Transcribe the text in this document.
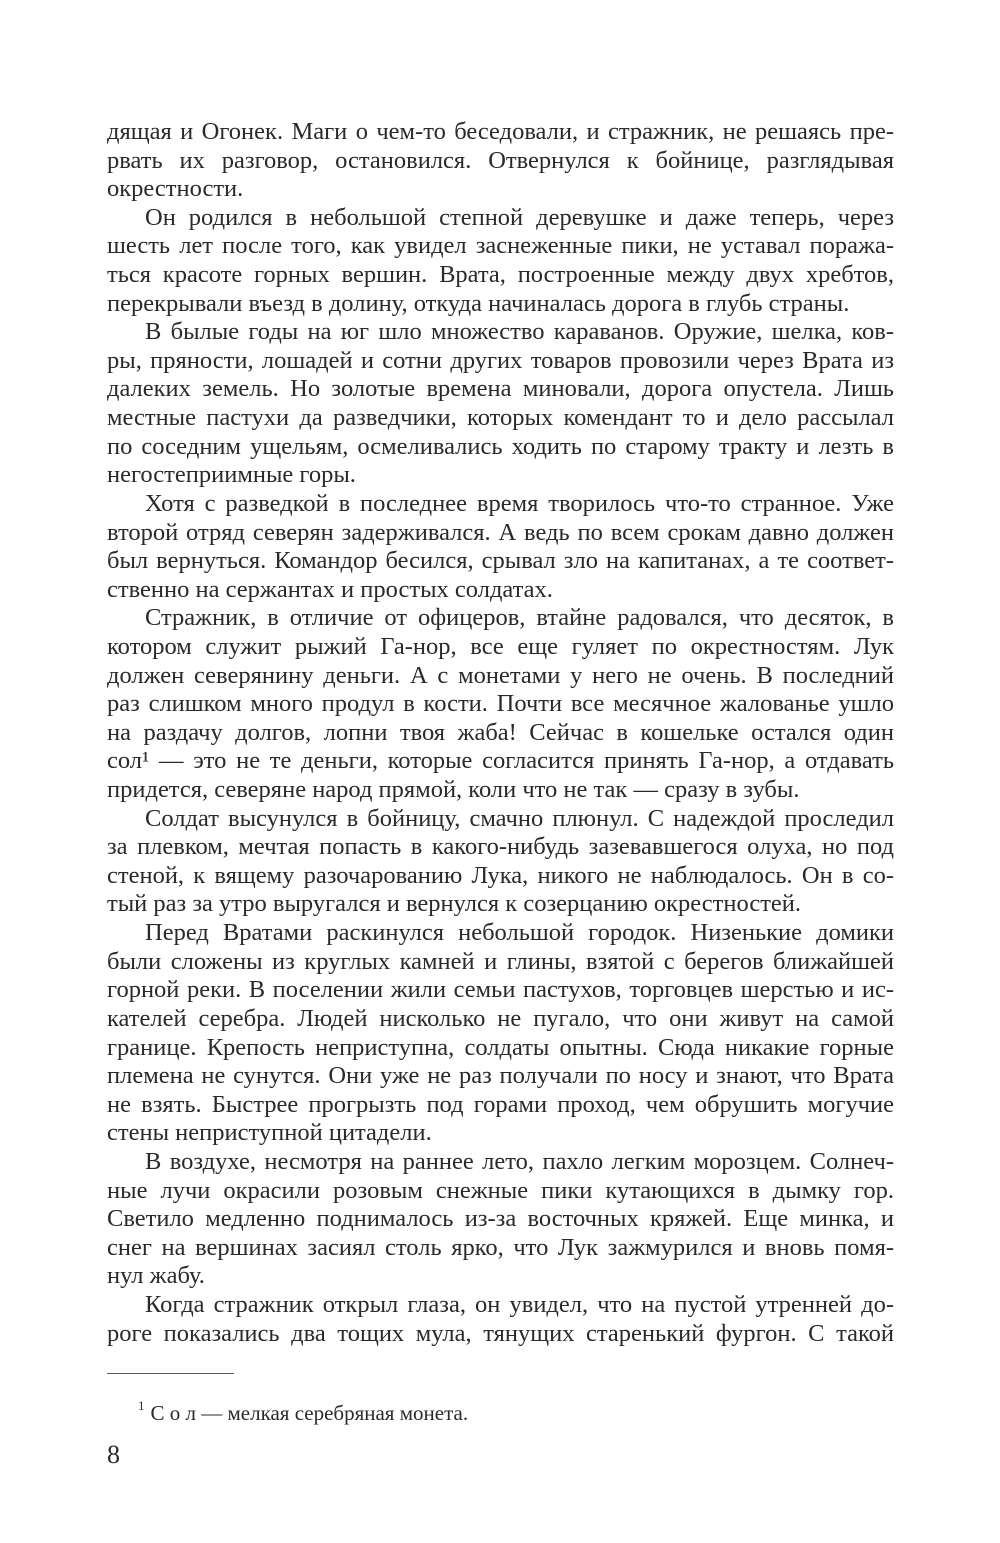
дящая и Огонек. Маги о чем-то беседовали, и стражник, не решаясь пре-
рвать их разговор, остановился. Отвернулся к бойнице, разглядывая
окрестности.
Он родился в небольшой степной деревушке и даже теперь, через
шесть лет после того, как увидел заснеженные пики, не уставал поража-
ться красоте горных вершин. Врата, построенные между двух хребтов,
перекрывали въезд в долину, откуда начиналась дорога в глубь страны.
В былые годы на юг шло множество караванов. Оружие, шелка, ков-
ры, пряности, лошадей и сотни других товаров провозили через Врата из
далеких земель. Но золотые времена миновали, дорога опустела. Лишь
местные пастухи да разведчики, которых комендант то и дело рассылал
по соседним ущельям, осмеливались ходить по старому тракту и лезть в
негостеприимные горы.
Хотя с разведкой в последнее время творилось что-то странное. Уже
второй отряд северян задерживался. А ведь по всем срокам давно должен
был вернуться. Командор бесился, срывал зло на капитанах, а те соответ-
ственно на сержантах и простых солдатах.
Стражник, в отличие от офицеров, втайне радовался, что десяток, в
котором служит рыжий Га-нор, все еще гуляет по окрестностям. Лук
должен северянину деньги. А с монетами у него не очень. В последний
раз слишком много продул в кости. Почти все месячное жалованье ушло
на раздачу долгов, лопни твоя жаба! Сейчас в кошельке остался один
сол¹ — это не те деньги, которые согласится принять Га-нор, а отдавать
придется, северяне народ прямой, коли что не так — сразу в зубы.
Солдат высунулся в бойницу, смачно плюнул. С надеждой проследил
за плевком, мечтая попасть в какого-нибудь зазевавшегося олуха, но под
стеной, к вящему разочарованию Лука, никого не наблюдалось. Он в со-
тый раз за утро выругался и вернулся к созерцанию окрестностей.
Перед Вратами раскинулся небольшой городок. Низенькие домики
были сложены из круглых камней и глины, взятой с берегов ближайшей
горной реки. В поселении жили семьи пастухов, торговцев шерстью и ис-
кателей серебра. Людей нисколько не пугало, что они живут на самой
границе. Крепость неприступна, солдаты опытны. Сюда никакие горные
племена не сунутся. Они уже не раз получали по носу и знают, что Врата
не взять. Быстрее прогрызть под горами проход, чем обрушить могучие
стены неприступной цитадели.
В воздухе, несмотря на раннее лето, пахло легким морозцем. Солнеч-
ные лучи окрасили розовым снежные пики кутающихся в дымку гор.
Светило медленно поднималось из-за восточных кряжей. Еще минка, и
снег на вершинах засиял столь ярко, что Лук зажмурился и вновь помя-
нул жабу.
Когда стражник открыл глаза, он увидел, что на пустой утренней до-
роге показались два тощих мула, тянущих старенький фургон. С такой
$^1$ С о л — мелкая серебряная монета.
8
